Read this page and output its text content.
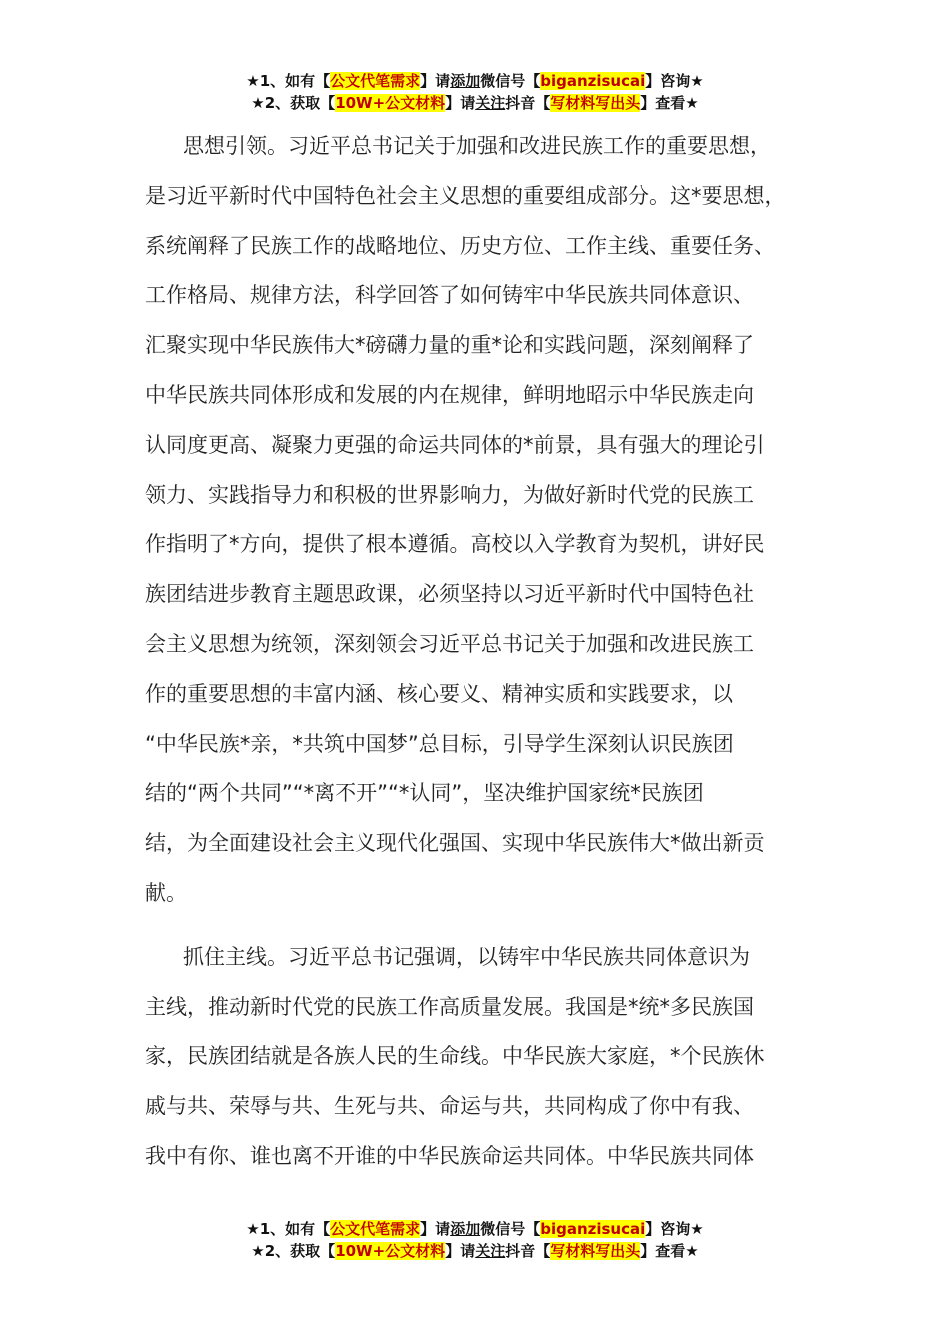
★1、如有【公文代笔需求】请添加微信号【biganzisucai】咨询★
★2、获取【10W+公文材料】请关注抖音【写材料写出头】查看★
思想引领。习近平总书记关于加强和改进民族工作的重要思想，
是习近平新时代中国特色社会主义思想的重要组成部分。这*要思想，
系统阐释了民族工作的战略地位、历史方位、工作主线、重要任务、
工作格局、规律方法，科学回答了如何铸牢中华民族共同体意识、
汇聚实现中华民族伟大*磅礴力量的重*论和实践问题，深刻阐释了
中华民族共同体形成和发展的内在规律，鲜明地昭示中华民族走向
认同度更高、凝聚力更强的命运共同体的*前景，具有强大的理论引
领力、实践指导力和积极的世界影响力，为做好新时代党的民族工
作指明了*方向，提供了根本遵循。高校以入学教育为契机，讲好民
族团结进步教育主题思政课，必须坚持以习近平新时代中国特色社
会主义思想为统领，深刻领会习近平总书记关于加强和改进民族工
作的重要思想的丰富内涵、核心要义、精神实质和实践要求，以
“中华民族*亲，*共筑中国梦”总目标，引导学生深刻认识民族团
结的“两个共同”“*离不开”“*认同”，坚决维护国家统*民族团
结，为全面建设社会主义现代化强国、实现中华民族伟大*做出新贡
献。
抓住主线。习近平总书记强调，以铸牢中华民族共同体意识为
主线，推动新时代党的民族工作高质量发展。我国是*统*多民族国
家，民族团结就是各族人民的生命线。中华民族大家庭，*个民族休
戚与共、荣辱与共、生死与共、命运与共，共同构成了你中有我、
我中有你、谁也离不开谁的中华民族命运共同体。中华民族共同体
★1、如有【公文代笔需求】请添加微信号【biganzisucai】咨询★
★2、获取【10W+公文材料】请关注抖音【写材料写出头】查看★
